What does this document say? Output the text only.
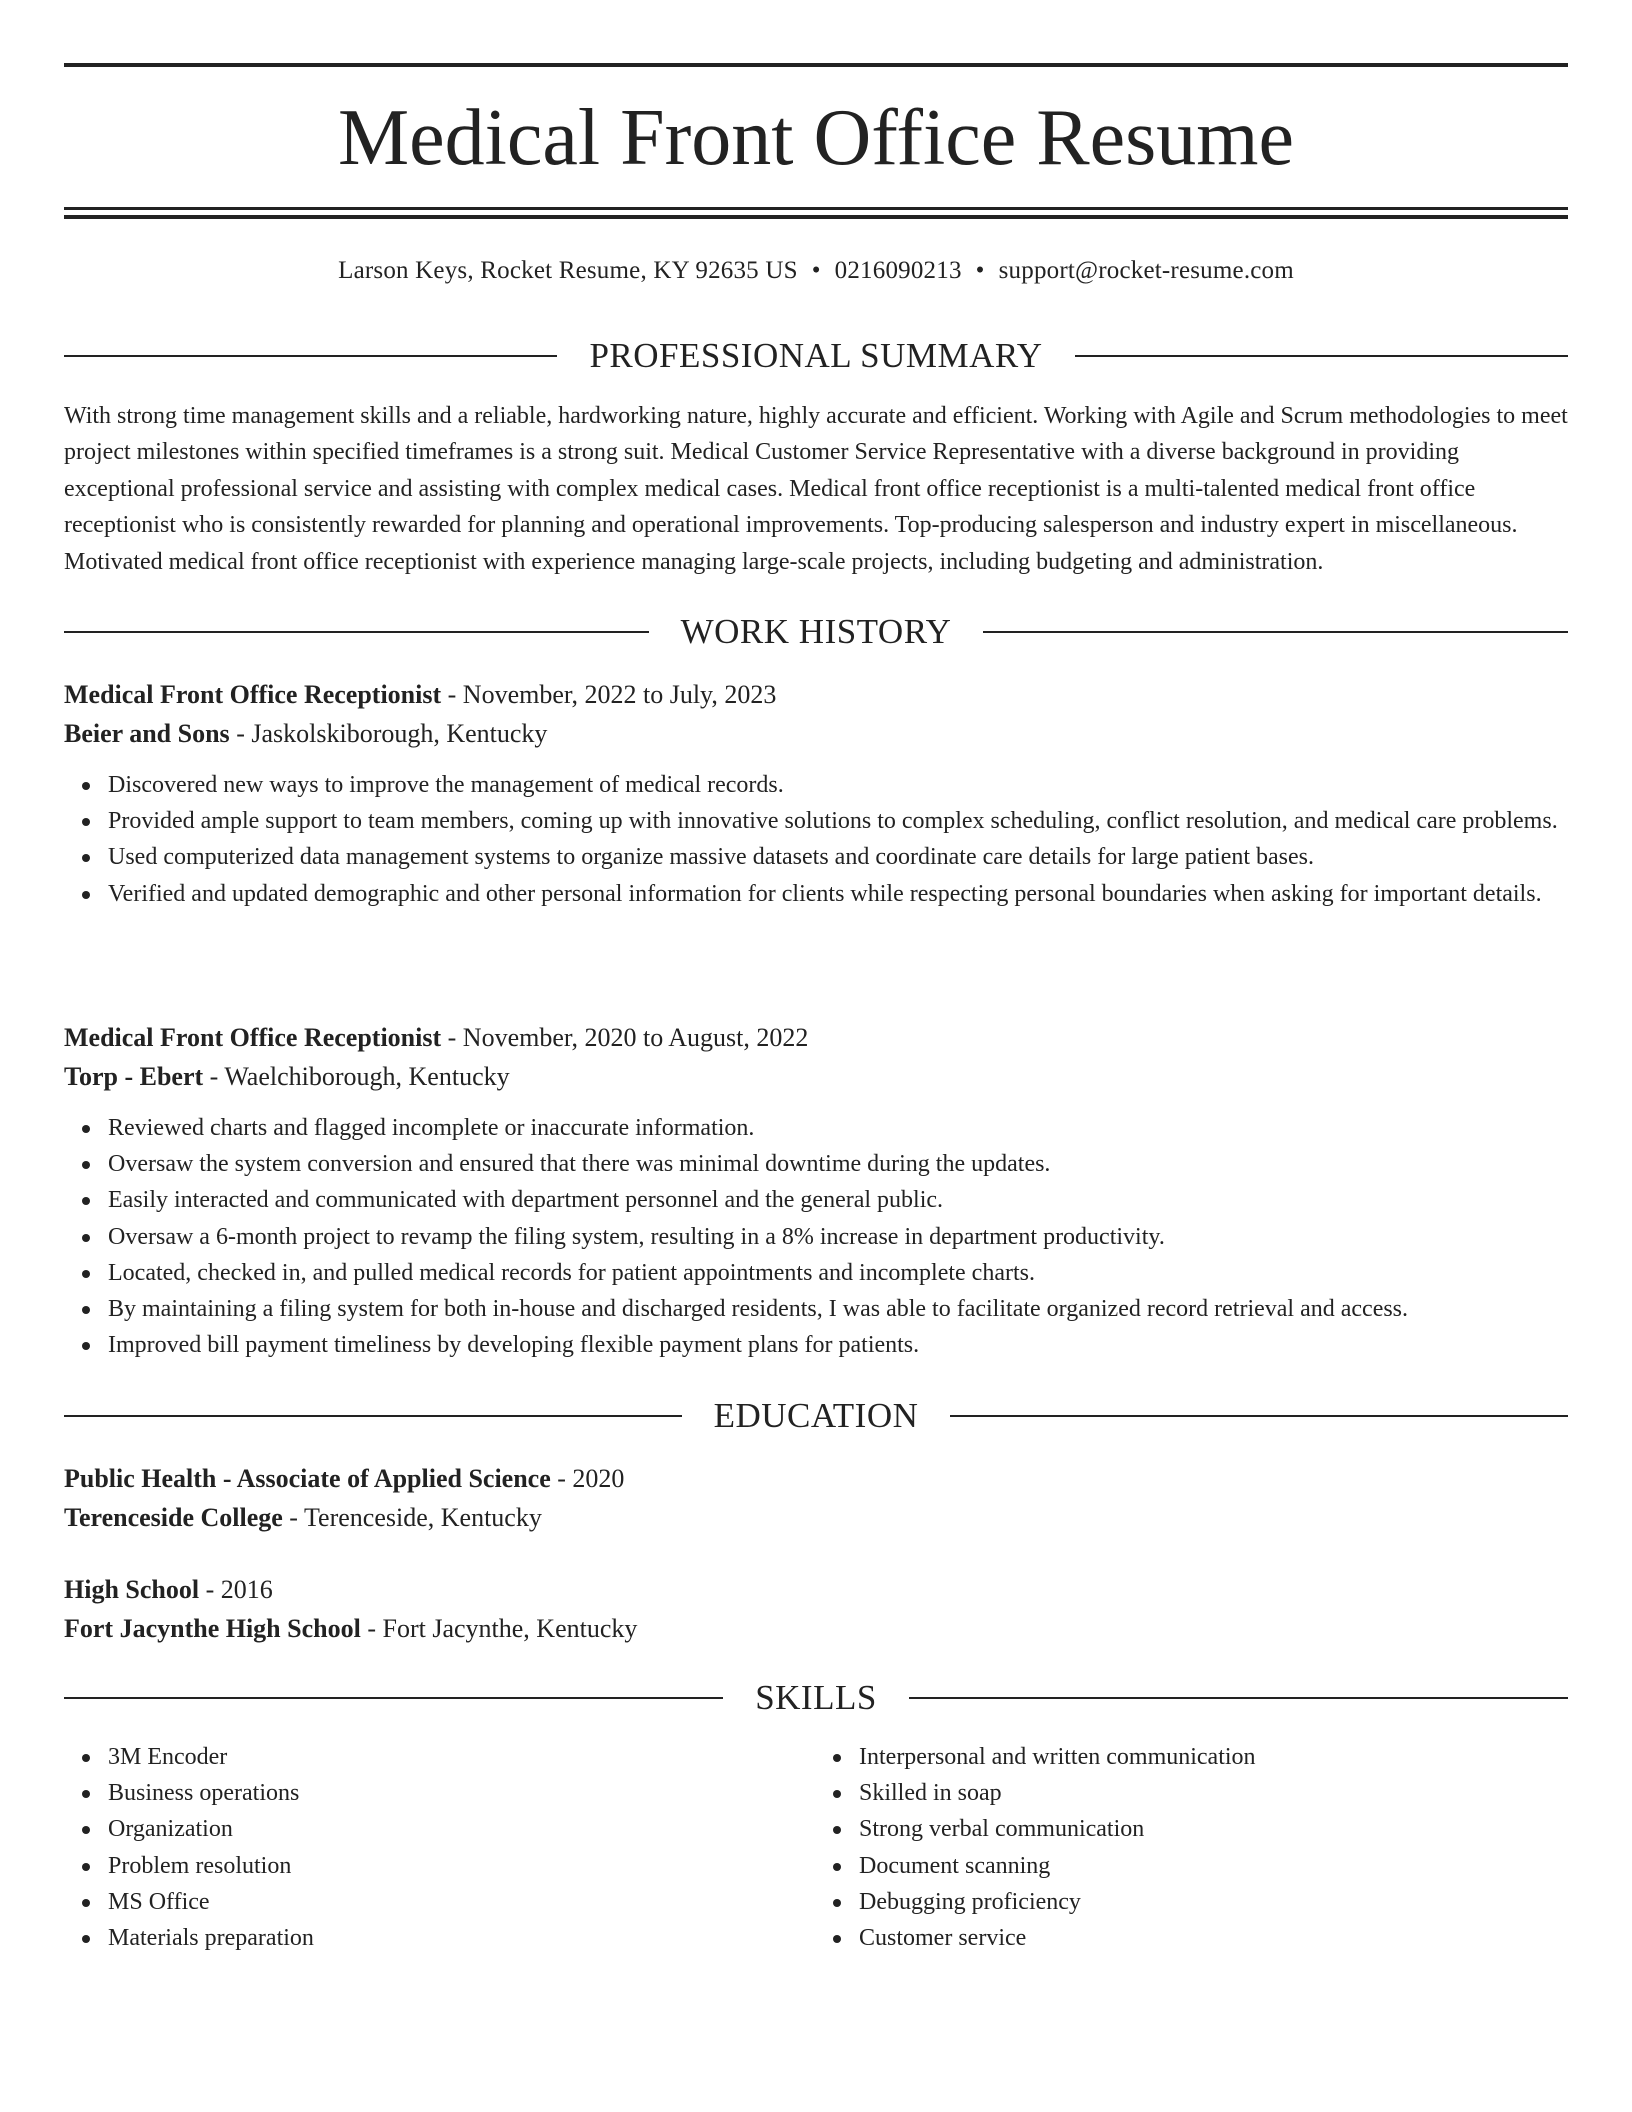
Medical Front Office Resume
Larson Keys, Rocket Resume, KY 92635 US • 0216090213 • support@rocket-resume.com
PROFESSIONAL SUMMARY

With strong time management skills and a reliable, hardworking nature, highly accurate and efficient. Working with Agile and Scrum methodologies to meet project milestones within specified timeframes is a strong suit. Medical Customer Service Representative with a diverse background in providing exceptional professional service and assisting with complex medical cases. Medical front office receptionist is a multi-talented medical front office receptionist who is consistently rewarded for planning and operational improvements. Top-producing salesperson and industry expert in miscellaneous. Motivated medical front office receptionist with experience managing large-scale projects, including budgeting and administration.

WORK HISTORY

Medical Front Office Receptionist - November, 2022 to July, 2023

Beier and Sons - Jaskolskiborough, Kentucky

Discovered new ways to improve the management of medical records.
Provided ample support to team members, coming up with innovative solutions to complex scheduling, conflict resolution, and medical care problems.
Used computerized data management systems to organize massive datasets and coordinate care details for large patient bases.
Verified and updated demographic and other personal information for clients while respecting personal boundaries when asking for important details.

Medical Front Office Receptionist - November, 2020 to August, 2022

Torp - Ebert - Waelchiborough, Kentucky

Reviewed charts and flagged incomplete or inaccurate information.
Oversaw the system conversion and ensured that there was minimal downtime during the updates.
Easily interacted and communicated with department personnel and the general public.
Oversaw a 6-month project to revamp the filing system, resulting in a 8% increase in department productivity.
Located, checked in, and pulled medical records for patient appointments and incomplete charts.
By maintaining a filing system for both in-house and discharged residents, I was able to facilitate organized record retrieval and access.
Improved bill payment timeliness by developing flexible payment plans for patients.
EDUCATION

Public Health - Associate of Applied Science - 2020

Terenceside College - Terenceside, Kentucky

High School - 2016

Fort Jacynthe High School - Fort Jacynthe, Kentucky

SKILLS
3M Encoder
Business operations
Organization
Problem resolution
MS Office
Materials preparation
Interpersonal and written communication
Skilled in soap
Strong verbal communication
Document scanning
Debugging proficiency
Customer service
